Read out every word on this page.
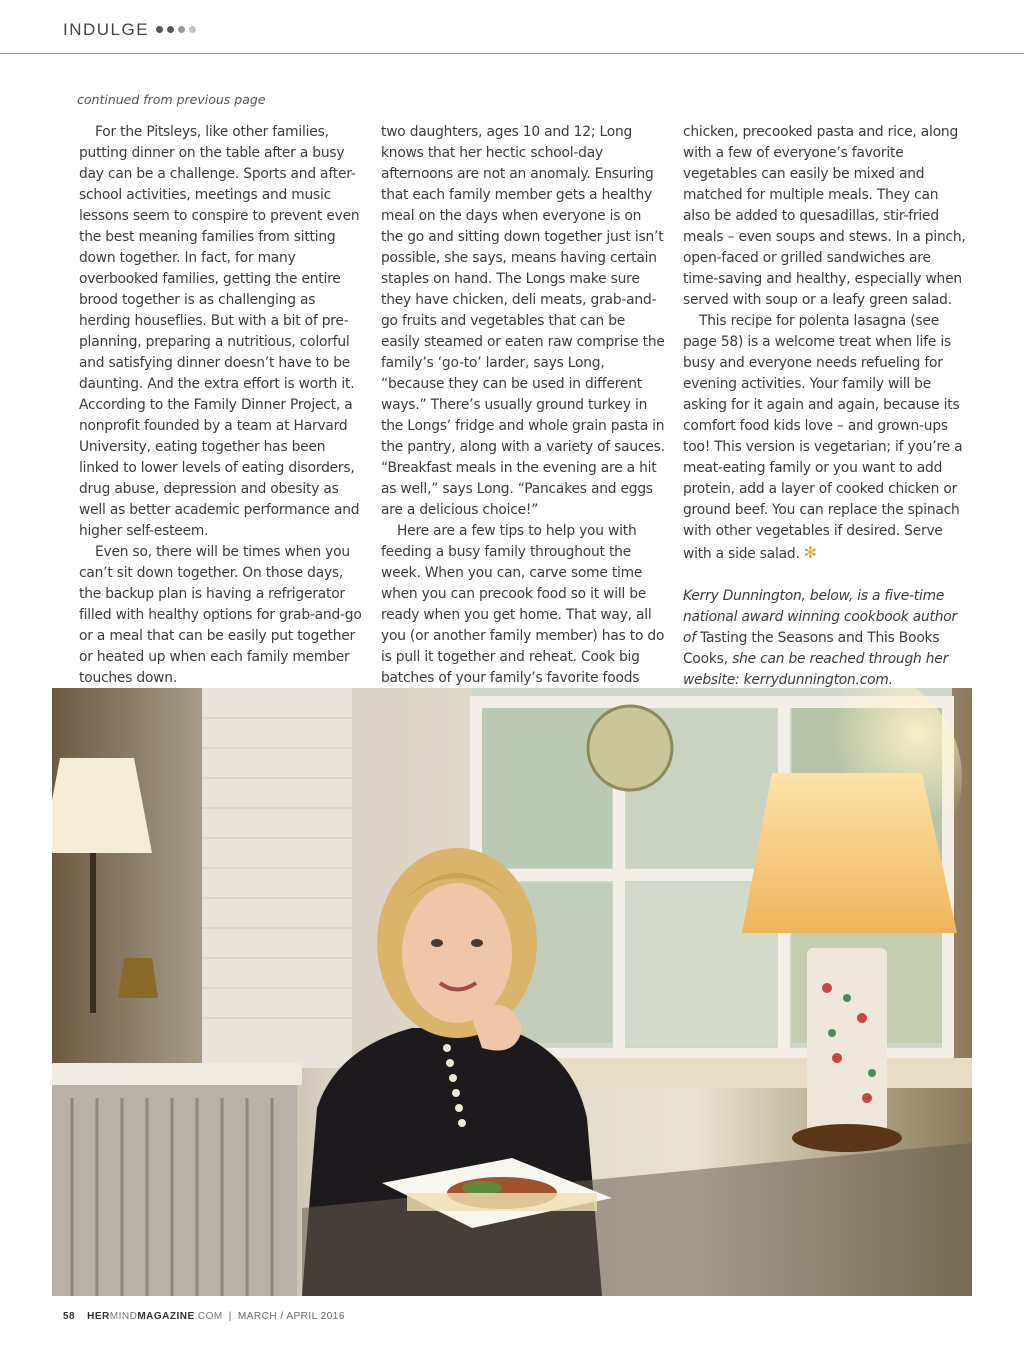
INDULGE
continued from previous page

For the Pitsleys, like other families, putting dinner on the table after a busy day can be a challenge. Sports and after-school activities, meetings and music lessons seem to conspire to prevent even the best meaning families from sitting down together. In fact, for many overbooked families, getting the entire brood together is as challenging as herding houseflies. But with a bit of pre-planning, preparing a nutritious, colorful and satisfying dinner doesn’t have to be daunting. And the extra effort is worth it. According to the Family Dinner Project, a nonprofit founded by a team at Harvard University, eating together has been linked to lower levels of eating disorders, drug abuse, depression and obesity as well as better academic performance and higher self-esteem.

Even so, there will be times when you can’t sit down together. On those days, the backup plan is having a refrigerator filled with healthy options for grab-and-go or a meal that can be easily put together or heated up when each family member touches down.

two daughters, ages 10 and 12; Long knows that her hectic school-day afternoons are not an anomaly. Ensuring that each family member gets a healthy meal on the days when everyone is on the go and sitting down together just isn’t possible, she says, means having certain staples on hand. The Longs make sure they have chicken, deli meats, grab-and-go fruits and vegetables that can be easily steamed or eaten raw comprise the family’s ‘go-to’ larder, says Long, “because they can be used in different ways.” There’s usually ground turkey in the Longs’ fridge and whole grain pasta in the pantry, along with a variety of sauces. “Breakfast meals in the evening are a hit as well,” says Long. “Pancakes and eggs are a delicious choice!”

Here are a few tips to help you with feeding a busy family throughout the week. When you can, carve some time when you can precook food so it will be ready when you get home. That way, all you (or another family member) has to do is pull it together and reheat. Cook big batches of your family’s favorite foods

chicken, precooked pasta and rice, along with a few of everyone’s favorite vegetables can easily be mixed and matched for multiple meals. They can also be added to quesadillas, stir-fried meals – even soups and stews. In a pinch, open-faced or grilled sandwiches are time-saving and healthy, especially when served with soup or a leafy green salad.

This recipe for polenta lasagna (see page 58) is a welcome treat when life is busy and everyone needs refueling for evening activities. Your family will be asking for it again and again, because its comfort food kids love – and grown-ups too! This version is vegetarian; if you’re a meat-eating family or you want to add protein, add a layer of cooked chicken or ground beef. You can replace the spinach with other vegetables if desired. Serve with a side salad. ✻

Kerry Dunnington, below, is a five-time national award winning cookbook author of Tasting the Seasons and This Books Cooks, she can be reached through her website: kerrydunnington.com.

58 HERMINDMAGAZINE.COM | MARCH / APRIL 2016
